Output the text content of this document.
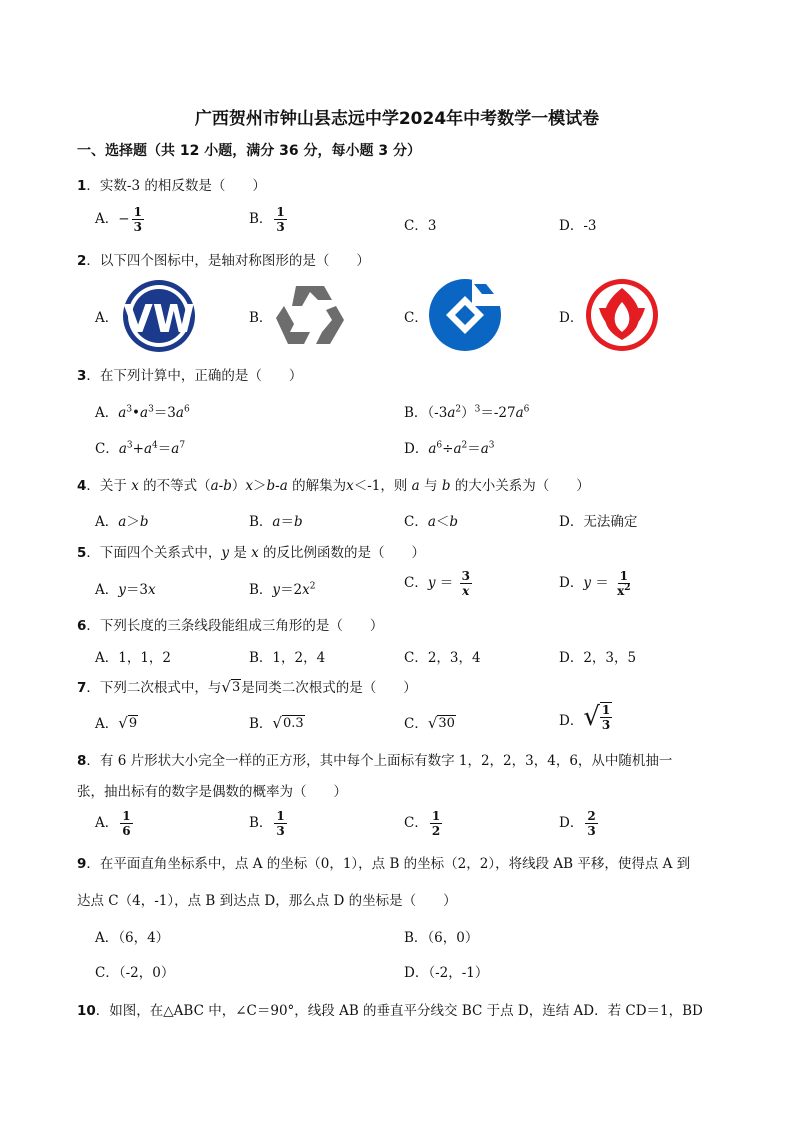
广西贺州市钟山县志远中学2024年中考数学一模试卷
一、选择题（共 12 小题，满分 36 分，每小题 3 分）
1．实数-3 的相反数是（　　）
A．− $\frac{1}{3}$	B． $\frac{1}{3}$	C．3	D．-3
2．以下四个图标中，是轴对称图形的是（　　）
A． VW	B．	C．	D．
3．在下列计算中，正确的是（　　）
A．$a^3•a^3=3a^6$	B．$(-3a^2)^3=-27a^6$
C．$a^3+a^4=a^7$	D．$a^6\div a^2=a^3$
4．关于 x 的不等式（a-b）x＞b-a 的解集为x＜-1，则 a 与 b 的大小关系为（　　）
A．a＞b	B．a＝b	C．a＜b	D．无法确定
5．下面四个关系式中，y 是 x 的反比例函数的是（　　）
A．y＝3x	B．$y=2x^2$	C．$y = \frac{3}{x}$	D．$y = \frac{1}{x^2}$
6．下列长度的三条线段能组成三角形的是（　　）
A．1，1，2	B．1，2，4	C．2，3，4	D．2，3，5
7．下列二次根式中，与 √ 3 是同类二次根式的是（　　）
A． √ 9	B． √ 0.3	C． √ 30	D． √ $\frac{1}{3}$
8．有 6 片形状大小完全一样的正方形，其中每个上面标有数字 1，2，2，3，4，6，从中随机抽一
张，抽出标有的数字是偶数的概率为（　　）
A． $\frac{1}{6}$	B． $\frac{1}{3}$	C． $\frac{1}{2}$	D． $\frac{2}{3}$
9．在平面直角坐标系中，点 A 的坐标（0，1），点 B 的坐标（2，2），将线段 AB 平移，使得点 A 到
达点 C（4，-1），点 B 到达点 D，那么点 D 的坐标是（　　）
A．（6，4）	B．（6，0）
C．（-2，0）	D．（-2，-1）
10．如图，在△ABC 中，∠C＝90°，线段 AB 的垂直平分线交 BC 于点 D，连结 AD．若 CD＝1，BD
